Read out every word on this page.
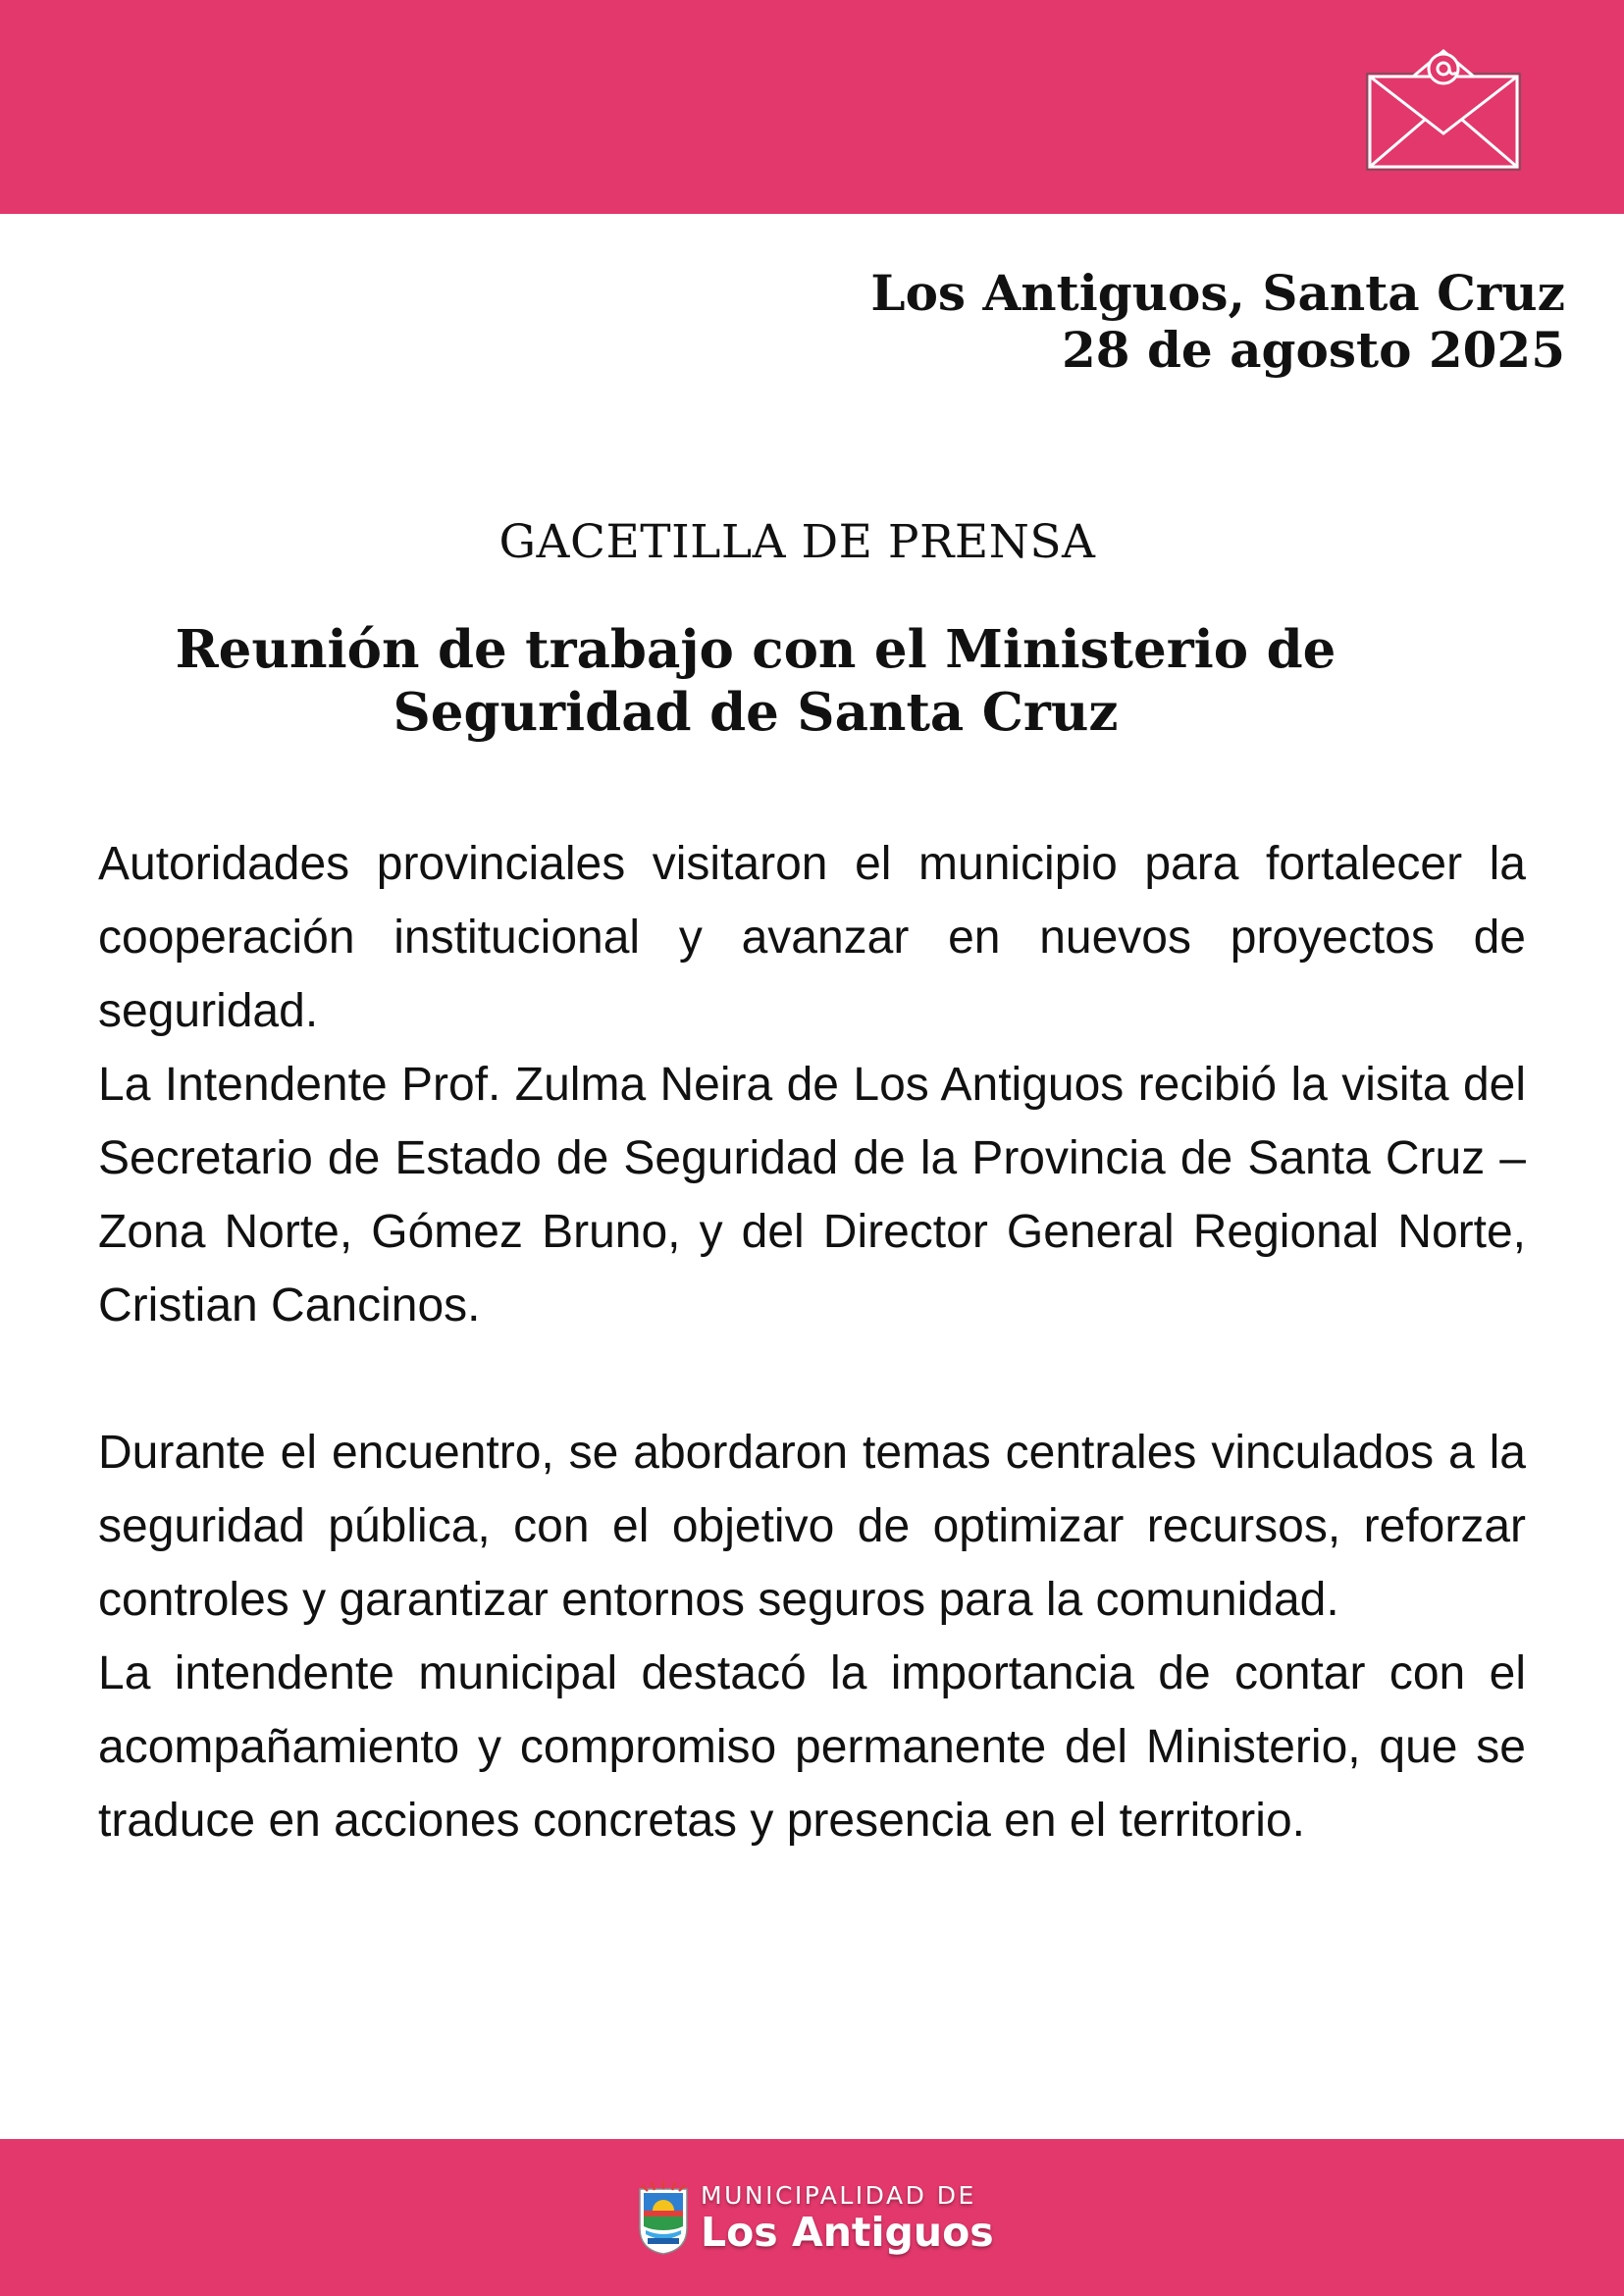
Los Antiguos, Santa Cruz
28 de agosto 2025
GACETILLA DE PRENSA
Reunión de trabajo con el Ministerio de
Seguridad de Santa Cruz

Autoridades provinciales visitaron el municipio para fortalecer la cooperación institucional y avanzar en nuevos proyectos de seguridad.

La Intendente Prof. Zulma Neira de Los Antiguos recibió la visita del Secretario de Estado de Seguridad de la Provincia de Santa Cruz – Zona Norte, Gómez Bruno, y del Director General Regional Norte, Cristian Cancinos.

Durante el encuentro, se abordaron temas centrales vinculados a la seguridad pública, con el objetivo de optimizar recursos, reforzar controles y garantizar entornos seguros para la comunidad.

La intendente municipal destacó la importancia de contar con el acompañamiento y compromiso permanente del Ministerio, que se traduce en acciones concretas y presencia en el territorio.

MUNICIPALIDAD DE
Los Antiguos
